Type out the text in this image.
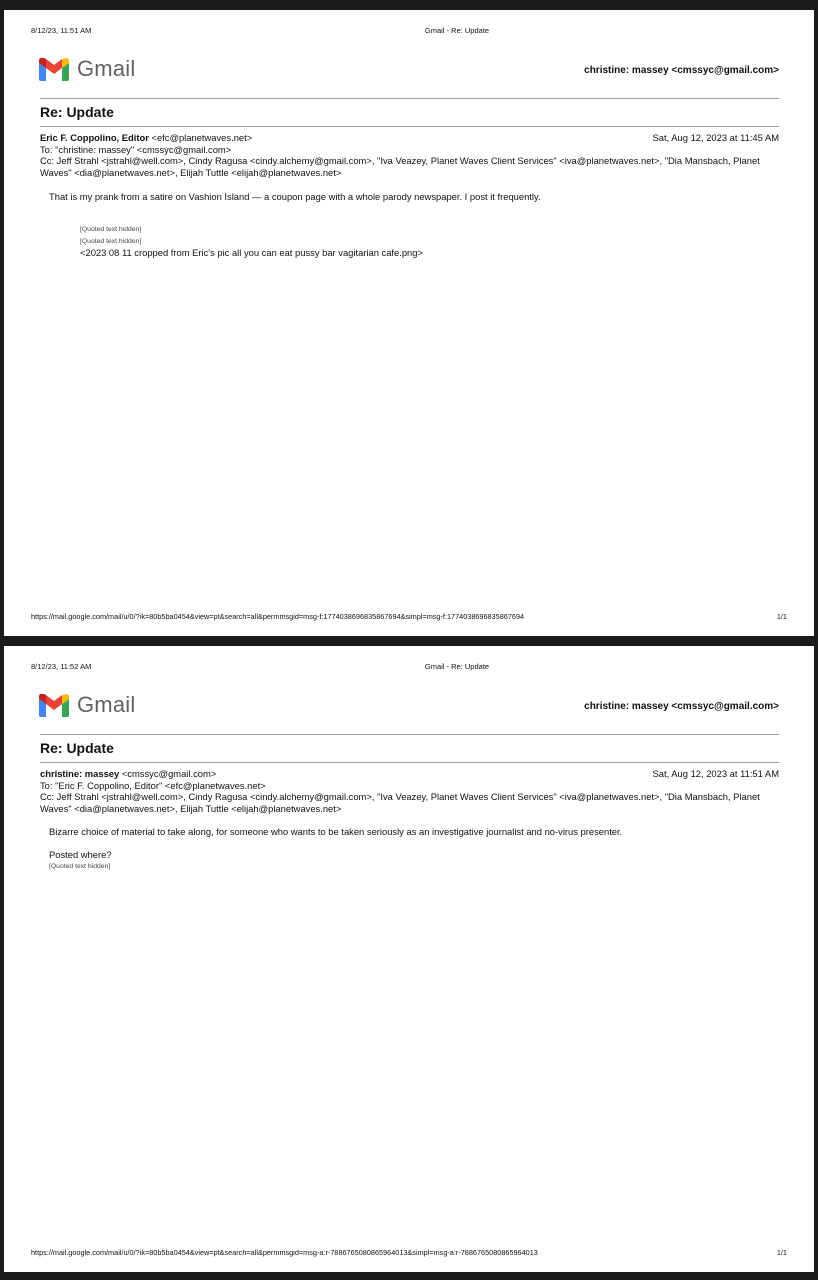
8/12/23, 11:51 AM	Gmail - Re: Update
Gmail	christine: massey <cmssyc@gmail.com>
Re: Update
Eric F. Coppolino, Editor <efc@planetwaves.net>
To: "christine: massey" <cmssyc@gmail.com>
Cc: Jeff Strahl <jstrahl@well.com>, Cindy Ragusa <cindy.alchemy@gmail.com>, "Iva Veazey, Planet Waves Client Services" <iva@planetwaves.net>, "Dia Mansbach, Planet Waves" <dia@planetwaves.net>, Elijah Tuttle <elijah@planetwaves.net>
Sat, Aug 12, 2023 at 11:45 AM
That is my prank from a satire on Vashion Island — a coupon page with a whole parody newspaper. I post it frequently.
[Quoted text hidden]
[Quoted text hidden]
<2023 08 11 cropped from Eric's pic all you can eat pussy bar vagitarian cafe.png>
https://mail.google.com/mail/u/0/?ik=80b5ba0454&view=pt&search=all&permmsgid=msg-f:1774038696835867694&simpl=msg-f:1774038696835867694	1/1
8/12/23, 11:52 AM	Gmail - Re: Update
Gmail	christine: massey <cmssyc@gmail.com>
Re: Update
christine: massey <cmssyc@gmail.com>
To: "Eric F. Coppolino, Editor" <efc@planetwaves.net>
Cc: Jeff Strahl <jstrahl@well.com>, Cindy Ragusa <cindy.alchemy@gmail.com>, "Iva Veazey, Planet Waves Client Services" <iva@planetwaves.net>, "Dia Mansbach, Planet Waves" <dia@planetwaves.net>, Elijah Tuttle <elijah@planetwaves.net>
Sat, Aug 12, 2023 at 11:51 AM
Bizarre choice of material to take along, for someone who wants to be taken seriously as an investigative journalist and no-virus presenter.
Posted where?
[Quoted text hidden]
https://mail.google.com/mail/u/0/?ik=80b5ba0454&view=pt&search=all&permmsgid=msg-a:r-7886765080865964013&simpl=msg-a:r-7886765080865964013	1/1
